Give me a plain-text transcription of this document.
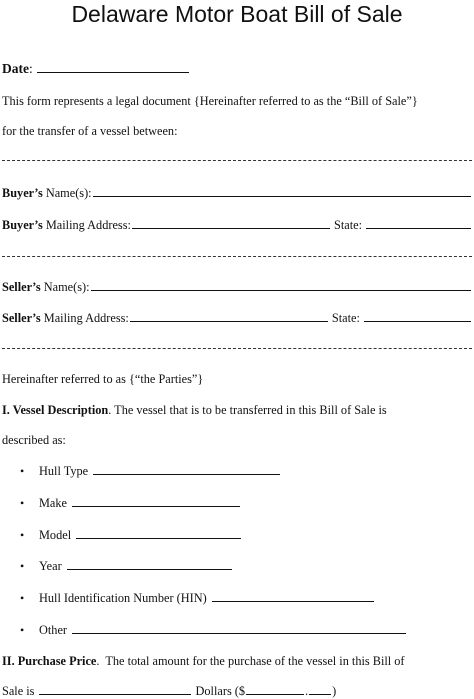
Delaware Motor Boat Bill of Sale
Date :
This form represents a legal document {Hereinafter referred to as the “Bill of Sale”}
for the transfer of a vessel between:
Buyer’s Name(s):
Buyer’s Mailing Address:	State:
Seller’s Name(s):
Seller’s Mailing Address:	State:
Hereinafter referred to as {“the Parties”}
I. Vessel Description . The vessel that is to be transferred in this Bill of Sale is
described as:
•	Hull Type
•	Make
•	Model
•	Year
•	Hull Identification Number (HIN)
•	Other
II. Purchase Price .  The total amount for the purchase of the vessel in this Bill of
Sale is	Dollars ($	. )
